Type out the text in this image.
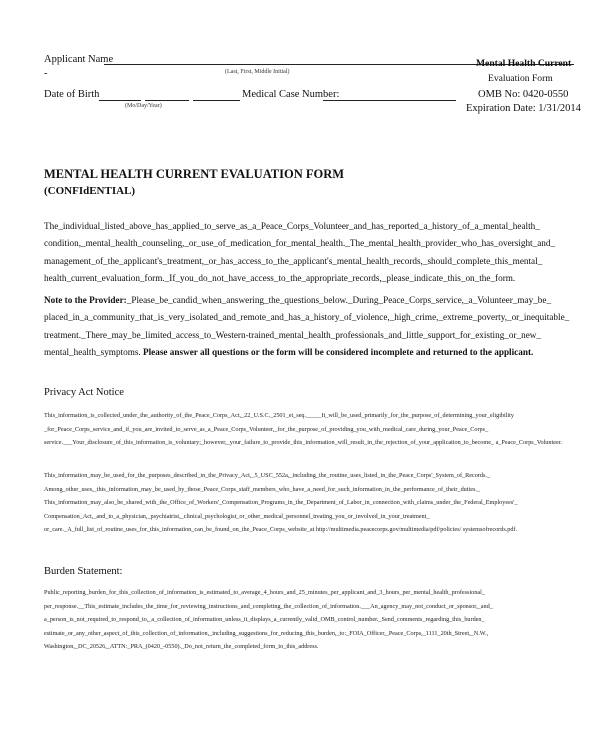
Applicant Name
-	(Last, First, Middle Initial)
Mental Health Current
Evaluation Form
Date of Birth
(Mo/Day/Year)
Medical Case Number:	OMB No: 0420-0550
Expiration Date: 1/31/2014
MENTAL HEALTH CURRENT EVALUATION FORM
(CONFIdENTIAL)

The_individual_listed_above_has_applied_to_serve_as_a_Peace_Corps_Volunteer_and_has_reported_a_history_of_a_mental_health_ condition,_mental_health_counseling,_or_use_of_medication_for_mental_health._The_mental_health_provider_who_has_oversight_and_ management_of_the_applicant's_treatment,_or_has_access_to_the_applicant's_mental_health_records,_should_complete_this_mental_ health_current_evaluation_form._If_you_do_not_have_access_to_the_appropriate_records,_please_indicate_this_on_the_form.

Note to the Provider:_Please_be_candid_when_answering_the_questions_below._During_Peace_Corps_service,_a_Volunteer_may_be_ placed_in_a_community_that_is_very_isolated_and_remote_and_has_a_history_of_violence,_high_crime,_extreme_poverty,_or_inequitable_ treatment._There_may_be_limited_access_to_Western-trained_mental_health_professionals_and_little_support_for_existing_or_new_ mental_health_symptoms. Please answer all questions or the form will be considered incomplete and returned to the applicant.

Privacy Act Notice

This_information_is_collected_under_the_authority_of_the_Peace_Corps_Act,_22_U.S.C._2501_et_seq._____It_will_be_used_primarily_for_the_purpose_of_determining_your_eligibility _for_Peace_Corps_service_and_if_you_are_invited_to_serve_as_a_Peace_Corps_Volunteer,_for_the_purpose_of_providing_you_with_medical_care_during_your_Peace_Corps_ service.___Your_disclosure_of_this_information_is_voluntary;_however,_your_failure_to_provide_this_information_will_result_in_the_rejection_of_your_application_to_become_ a_Peace_Corps_Volunteer.

This_information_may_be_used_for_the_purposes_described_in_the_Privacy_Act,_5_USC_552a,_including_the_routine_uses_listed_in_the_Peace_Corps'_System_of_Records._ Among_other_uses,_this_information_may_be_used_by_those_Peace_Corps_staff_members_who_have_a_need_for_such_information_in_the_performance_of_their_duties._ This_information_may_also_be_shared_with_the_Office_of_Workers'_Compensation_Programs_in_the_Department_of_Labor_in_connection_with_claims_under_the_Federal_Employees'_ Compensation_Act,_and_to_a_physician,_psychiatrist,_clinical_psychologist_or_other_medical_personnel_treating_you_or_involved_in_your_treatment_ or_care._A_full_list_of_routine_uses_for_this_information_can_be_found_on_the_Peace_Corps_website_at http://multimedia.peacecorps.gov/multimedia/pdf/policies/ systemsofrecords.pdf.

Burden Statement:

Public_reporting_burden_for_this_collection_of_information_is_estimated_to_average_4_hours_and_25_minutes_per_applicant_and_3_hours_per_mental_health_professional_ per_response.__This_estimate_includes_the_time_for_reviewing_instructions_and_completing_the_collection_of_information.___An_agency_may_not_conduct_or_sponsor,_and_ a_person_is_not_required_to_respond_to,_a_collection_of_information_unless_it_displays_a_currently_valid_OMB_control_number._Send_comments_regarding_this_burden_ estimate_or_any_other_aspect_of_this_collection_of_information,_including_suggestions_for_reducing_this_burden,_to:_FOIA_Officer,_Peace_Corps,_1111_20th_Street,_N.W., Washington,_DC_20526,_ATTN:_PRA_(0420_-0550)._Do_not_return_the_completed_form_to_this_address.
